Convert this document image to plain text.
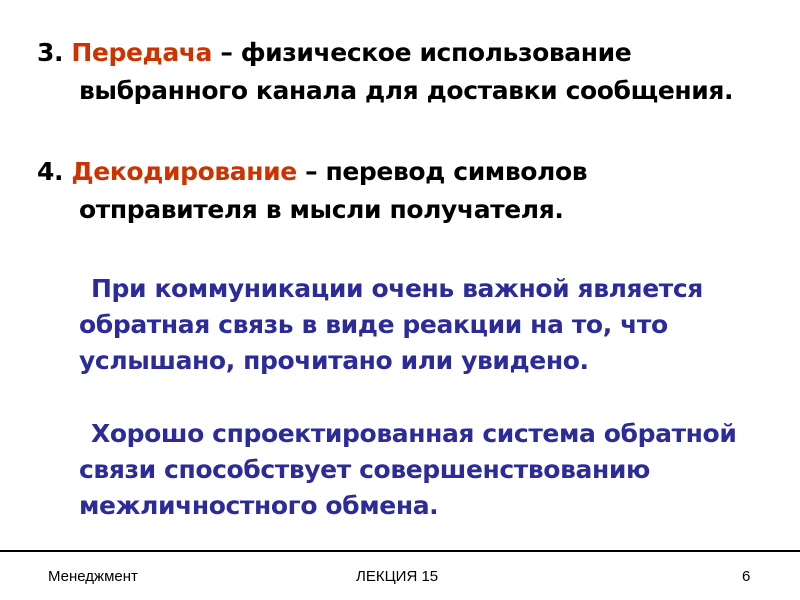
3. Передача – физическое использование
выбранного канала для доставки сообщения.
4. Декодирование – перевод символов
отправителя в мысли получателя.
При коммуникации очень важной является
обратная связь в виде реакции на то, что
услышано, прочитано или увидено.
Хорошо спроектированная система обратной
связи способствует совершенствованию
межличностного обмена.
Менеджмент	ЛЕКЦИЯ 15	6
